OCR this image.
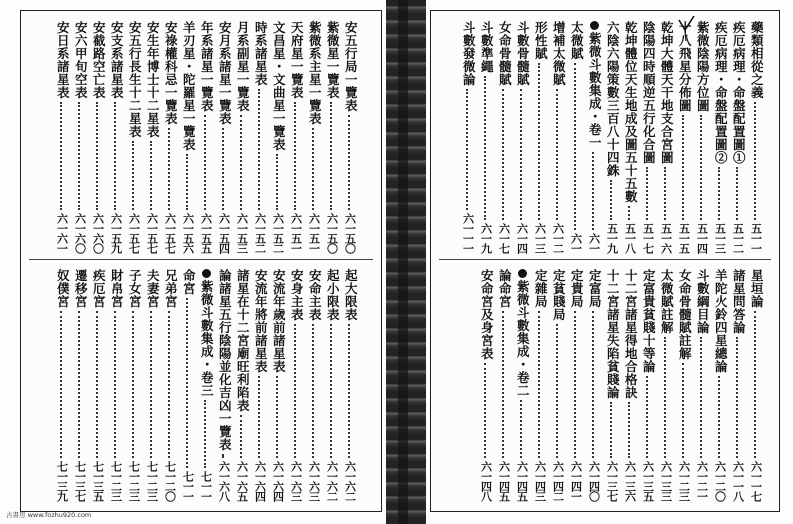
安五行局一覽表
六一五〇
紫微星一覽表
六一五〇
紫微系主星一覽表
六一五一
天府星一覽表
六一五一
文昌星・文曲星一覽表
六一五二
時系諸星表
六一五二
月系副星一覽表
六一五三
安月系諸星一覽表
六一五四
年系諸星一覽表
六一五五
羊刃星・陀羅星一覽表
六一五六
安祿權科忌一覽表
六一五七
安生年博士十二星表
六一五七
安五行長生十二星表
六一五七
安支系諸星表
六一五九
安截路空亡表
六一六〇
安六甲旬空表
六一六〇
安日系諸星表
六一六一
起大限表
六一六二
起小限表
六一六二
安命主表
六一六三
安身主表
六一六三
安流年歲前諸星表
六一六四
安流年將前諸星表
六一六四
諸星在十二宮廟旺利陷表
六一六五
論諸星五行陰陽並化吉凶一覽表
六一六八
紫微斗數集成・卷三
七一一
命宮
七一一
兄弟宮
七一二〇
夫妻宮
七一二三
子女宮
七一二三
財帛宮
七一二三
疾厄宮
七一三五
遷移宮
七一三七
奴僕宮
七一三九
藥類相從之義
五一一
疾厄病理・命盤配置圖①
五一二
疾厄病理・命盤配置圖②
五一三
紫微陰陽方位圖
五一四
十八飛星分佈圖
五一五
乾坤大體天干地支合宮圖
五一六
陰陽四時順逆五行化合圖
五一七
乾坤體位天生地成及圖五十五數
五一八
六陰六陽策數三百八十四銖
五一九
紫微斗數集成・卷一
六一
太微賦
六一
增補太微賦
六一二
形性賦
六一三
斗數骨髓賦
六一四
女命骨髓賦
六一七
斗數準繩
六一九
斗數發微論
六一一一
星垣論
六一一七
諸星問答論
六一一八
羊陀火鈴四星總論
六一二〇
斗數綱目論
六一二一
女命骨髓賦註解
六一二三
太微賦註解
六一三三
定富貴貧賤十等論
六一三五
十二宮諸星得地合格訣
六一三六
十二宮諸星失陷貧賤論
六一三七
定富局
六一四〇
定貴局
六一四一
定貧賤局
六一四二
定雜局
六一四三
紫微斗數集成・卷二
六一四五
論命宮
六一四五
安命宮及身宮表
六一四八
古書房 www.fozhu920.com
